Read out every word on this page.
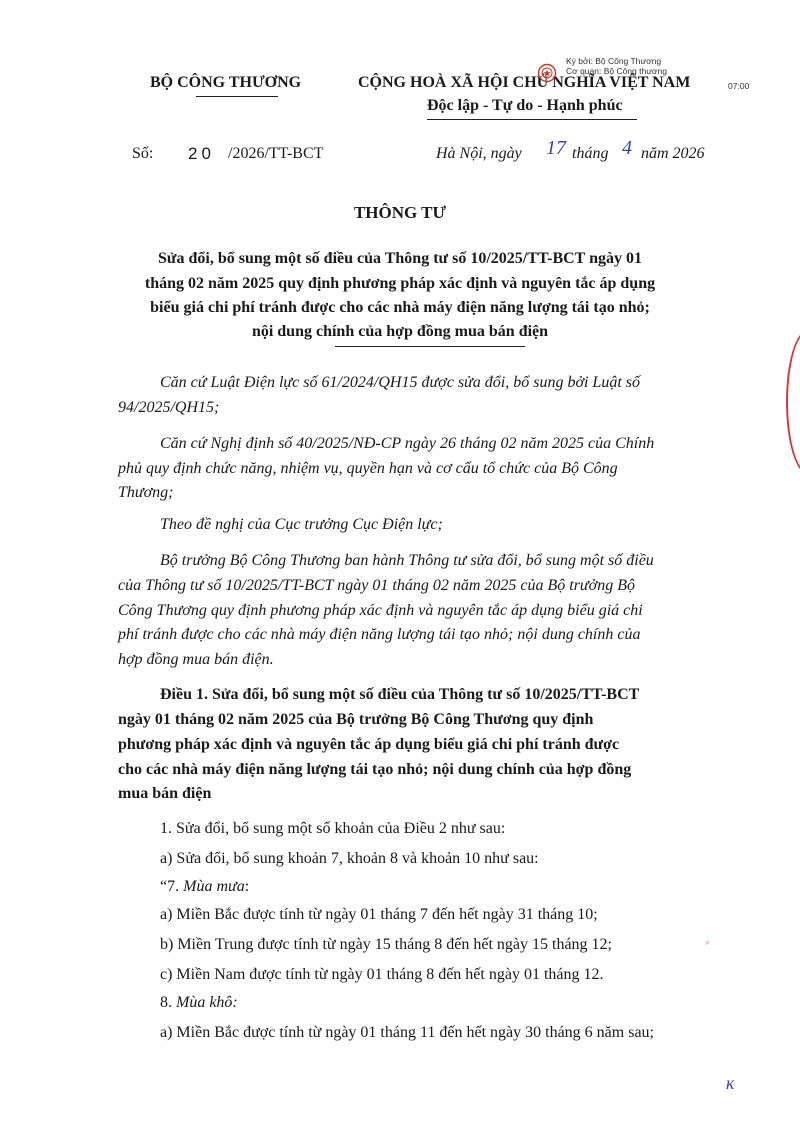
BỘ CÔNG THƯƠNG	CỘNG HOÀ XÃ HỘI CHỦ NGHĨA VIỆT NAM
Độc lập - Tự do - Hạnh phúc
Ký bởi: Bộ Công Thương
Cơ quan: Bộ Công thương
07:00
Số: 20 /2026/TT-BCT	Hà Nội, ngày 17 tháng 4 năm 2026
THÔNG TƯ
Sửa đổi, bổ sung một số điều của Thông tư số 10/2025/TT-BCT ngày 01
tháng 02 năm 2025 quy định phương pháp xác định và nguyên tắc áp dụng
biểu giá chi phí tránh được cho các nhà máy điện năng lượng tái tạo nhỏ;
nội dung chính của hợp đồng mua bán điện
Căn cứ Luật Điện lực số 61/2024/QH15 được sửa đổi, bổ sung bởi Luật số
94/2025/QH15;
Căn cứ Nghị định số 40/2025/NĐ-CP ngày 26 tháng 02 năm 2025 của Chính
phủ quy định chức năng, nhiệm vụ, quyền hạn và cơ cấu tổ chức của Bộ Công
Thương;
Theo đề nghị của Cục trưởng Cục Điện lực;
Bộ trưởng Bộ Công Thương ban hành Thông tư sửa đổi, bổ sung một số điều
của Thông tư số 10/2025/TT-BCT ngày 01 tháng 02 năm 2025 của Bộ trưởng Bộ
Công Thương quy định phương pháp xác định và nguyên tắc áp dụng biểu giá chi
phí tránh được cho các nhà máy điện năng lượng tái tạo nhỏ; nội dung chính của
hợp đồng mua bán điện.
Điều 1. Sửa đổi, bổ sung một số điều của Thông tư số 10/2025/TT-BCT
ngày 01 tháng 02 năm 2025 của Bộ trưởng Bộ Công Thương quy định
phương pháp xác định và nguyên tắc áp dụng biểu giá chi phí tránh được
cho các nhà máy điện năng lượng tái tạo nhỏ; nội dung chính của hợp đồng
mua bán điện
1. Sửa đổi, bổ sung một số khoản của Điều 2 như sau:
a) Sửa đổi, bổ sung khoản 7, khoản 8 và khoản 10 như sau:
“7. Mùa mưa:
a) Miền Bắc được tính từ ngày 01 tháng 7 đến hết ngày 31 tháng 10;
b) Miền Trung được tính từ ngày 15 tháng 8 đến hết ngày 15 tháng 12;
c) Miền Nam được tính từ ngày 01 tháng 8 đến hết ngày 01 tháng 12.
8. Mùa khô:
a) Miền Bắc được tính từ ngày 01 tháng 11 đến hết ngày 30 tháng 6 năm sau;
ĸ
⸗
